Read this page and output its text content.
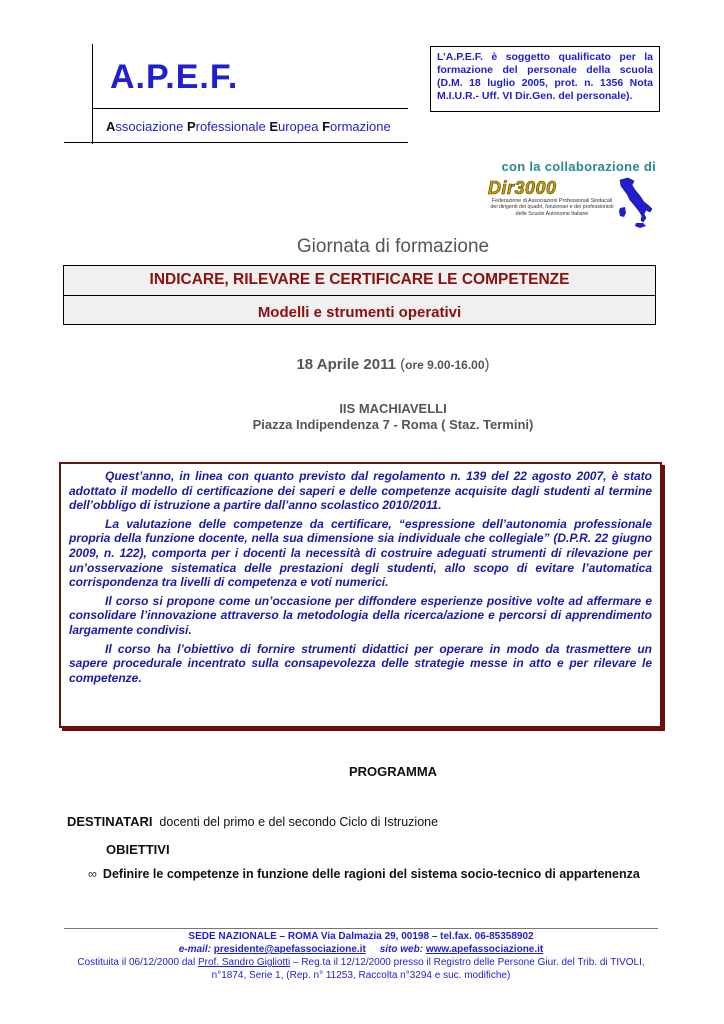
A.P.E.F.
Associazione Professionale Europea Formazione
L’A.P.E.F. è soggetto qualificato per la formazione del personale della scuola (D.M. 18 luglio 2005, prot. n. 1356 Nota M.I.U.R.- Uff. VI Dir.Gen. del personale).
con la collaborazione di
Dir3000
Federazione di Associazioni Professionali Sindacali dei dirigenti dei quadri, funzionari e dei professionisti delle Scuole Autonome Italiane
Giornata di formazione
INDICARE, RILEVARE E CERTIFICARE LE COMPETENZE
Modelli e strumenti operativi
18 Aprile 2011 (ore 9.00-16.00)
IIS MACHIAVELLI
Piazza Indipendenza 7 - Roma ( Staz. Termini)

Quest’anno, in linea con quanto previsto dal regolamento n. 139 del 22 agosto 2007, è stato adottato il modello di certificazione dei saperi e delle competenze acquisite dagli studenti al termine dell’obbligo di istruzione a partire dall’anno scolastico 2010/2011.

La valutazione delle competenze da certificare, “espressione dell’autonomia professionale propria della funzione docente, nella sua dimensione sia individuale che collegiale” (D.P.R. 22 giugno 2009, n. 122), comporta per i docenti la necessità di costruire adeguati strumenti di rilevazione per un’osservazione sistematica delle prestazioni degli studenti, allo scopo di evitare l’automatica corrispondenza tra livelli di competenza e voti numerici.

Il corso si propone come un’occasione per diffondere esperienze positive volte ad affermare e consolidare l’innovazione attraverso la metodologia della ricerca/azione e percorsi di apprendimento largamente condivisi.

Il corso ha l’obiettivo di fornire strumenti didattici per operare in modo da trasmettere un sapere procedurale incentrato sulla consapevolezza delle strategie messe in atto e per rilevare le competenze.

PROGRAMMA
DESTINATARI docenti del primo e del secondo Ciclo di Istruzione
OBIETTIVI
∞ Definire le competenze in funzione delle ragioni del sistema socio-tecnico di appartenenza
SEDE NAZIONALE – ROMA Via Dalmazia 29, 00198 – tel.fax. 06-85358902
e-mail: presidente@apefassociazione.it sito web: www.apefassociazione.it
Costituita il 06/12/2000 dal Prof. Sandro Gigliotti – Reg.ta il 12/12/2000 presso il Registro delle Persone Giur. del Trib. di TIVOLI, n°1874, Serie 1, (Rep. n° 11253, Raccolta n°3294 e suc. modifiche)
